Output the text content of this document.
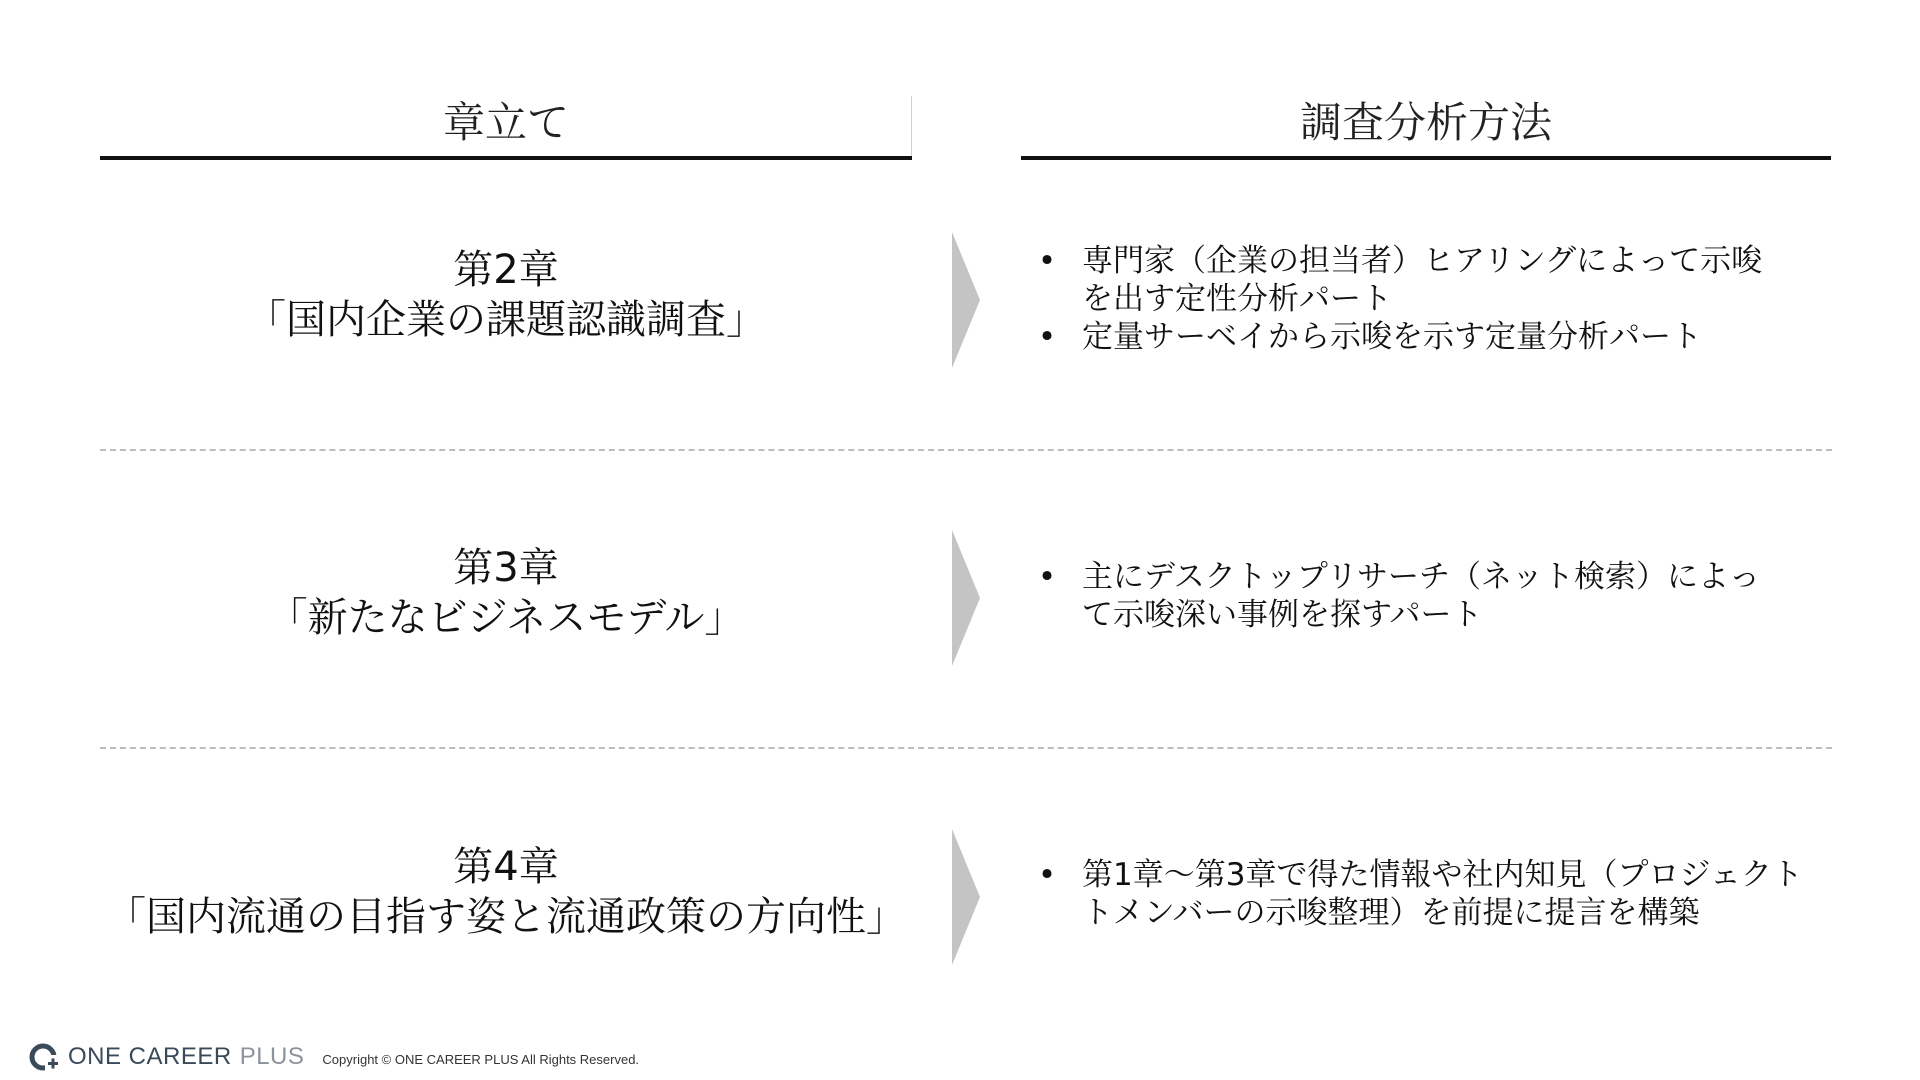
章立て	調査分析方法
第2章
「国内企業の課題認識調査」
• 専門家（企業の担当者）ヒアリングによって示唆
を出す定性分析パート
• 定量サーベイから示唆を示す定量分析パート
第3章
「新たなビジネスモデル」
• 主にデスクトップリサーチ（ネット検索）によっ
て示唆深い事例を探すパート
第4章
「国内流通の目指す姿と流通政策の方向性」
• 第1章〜第3章で得た情報や社内知見（プロジェクト
トメンバーの示唆整理）を前提に提言を構築
ONE CAREER PLUS Copyright © ONE CAREER PLUS All Rights Reserved.
